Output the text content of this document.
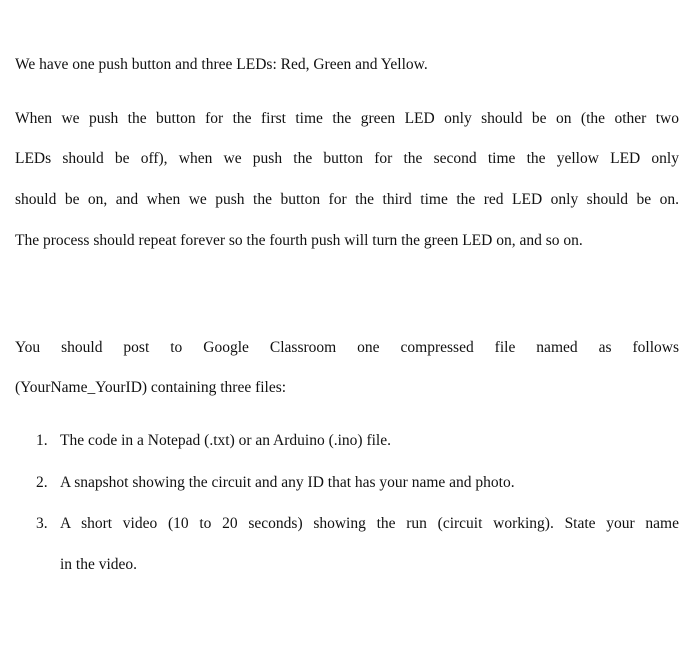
We have one push button and three LEDs: Red, Green and Yellow.
When we push the button for the first time the green LED only should be on (the other two
LEDs should be off), when we push the button for the second time the yellow LED only
should be on, and when we push the button for the third time the red LED only should be on.
The process should repeat forever so the fourth push will turn the green LED on, and so on.
You should post to Google Classroom one compressed file named as follows
(YourName_YourID) containing three files:
1. The code in a Notepad (.txt) or an Arduino (.ino) file.
2. A snapshot showing the circuit and any ID that has your name and photo.
3. A short video (10 to 20 seconds) showing the run (circuit working). State your name
in the video.
